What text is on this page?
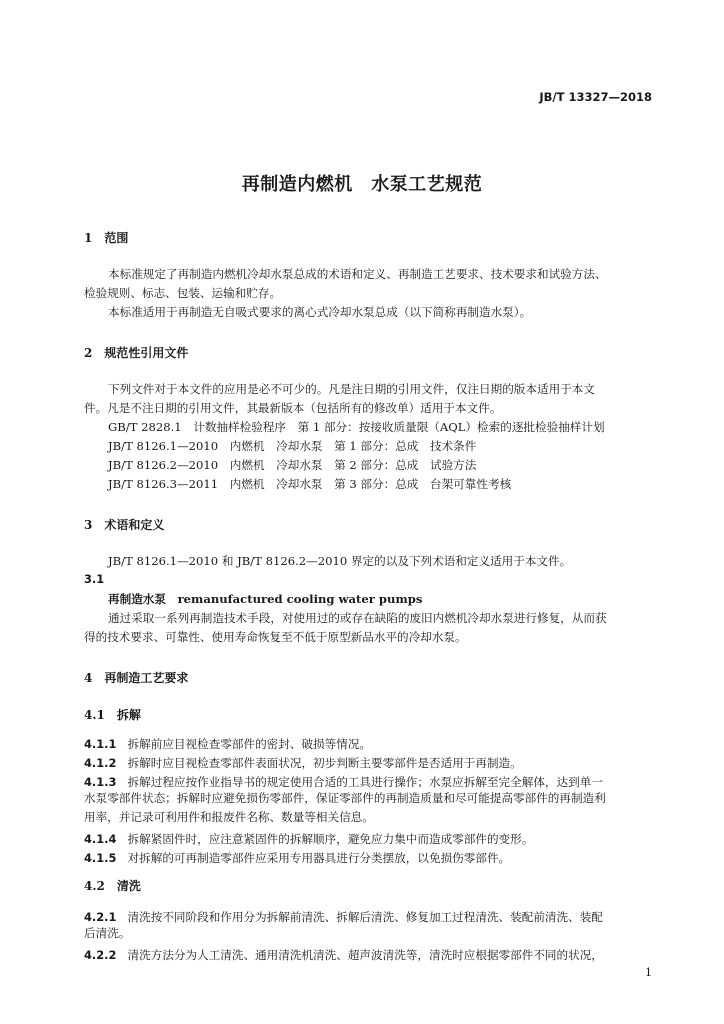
JB/T 13327—2018
再制造内燃机　水泵工艺规范
1　范围
本标准规定了再制造内燃机冷却水泵总成的术语和定义、再制造工艺要求、技术要求和试验方法、
检验规则、标志、包装、运输和贮存。
本标准适用于再制造无自吸式要求的离心式冷却水泵总成（以下简称再制造水泵）。
2　规范性引用文件
下列文件对于本文件的应用是必不可少的。凡是注日期的引用文件，仅注日期的版本适用于本文
件。凡是不注日期的引用文件，其最新版本（包括所有的修改单）适用于本文件。
GB/T 2828.1　计数抽样检验程序　第 1 部分：按接收质量限（AQL）检索的逐批检验抽样计划
JB/T 8126.1—2010　内燃机　冷却水泵　第 1 部分：总成　技术条件
JB/T 8126.2—2010　内燃机　冷却水泵　第 2 部分：总成　试验方法
JB/T 8126.3—2011　内燃机　冷却水泵　第 3 部分：总成　台架可靠性考核
3　术语和定义
JB/T 8126.1—2010 和 JB/T 8126.2—2010 界定的以及下列术语和定义适用于本文件。
3.1
再制造水泵　remanufactured cooling water pumps
通过采取一系列再制造技术手段，对使用过的或存在缺陷的废旧内燃机冷却水泵进行修复，从而获
得的技术要求、可靠性、使用寿命恢复至不低于原型新品水平的冷却水泵。
4　再制造工艺要求
4.1　拆解
4.1.1 拆解前应目视检查零部件的密封、破损等情况。
4.1.2 拆解时应目视检查零部件表面状况，初步判断主要零部件是否适用于再制造。
4.1.3 拆解过程应按作业指导书的规定使用合适的工具进行操作；水泵应拆解至完全解体，达到单一
水泵零部件状态；拆解时应避免损伤零部件，保证零部件的再制造质量和尽可能提高零部件的再制造利
用率，并记录可利用件和报废件名称、数量等相关信息。
4.1.4 拆解紧固件时，应注意紧固件的拆解顺序，避免应力集中而造成零部件的变形。
4.1.5 对拆解的可再制造零部件应采用专用器具进行分类摆放，以免损伤零部件。
4.2　清洗
4.2.1 清洗按不同阶段和作用分为拆解前清洗、拆解后清洗、修复加工过程清洗、装配前清洗、装配
后清洗。
4.2.2 清洗方法分为人工清洗、通用清洗机清洗、超声波清洗等，清洗时应根据零部件不同的状况，
1
